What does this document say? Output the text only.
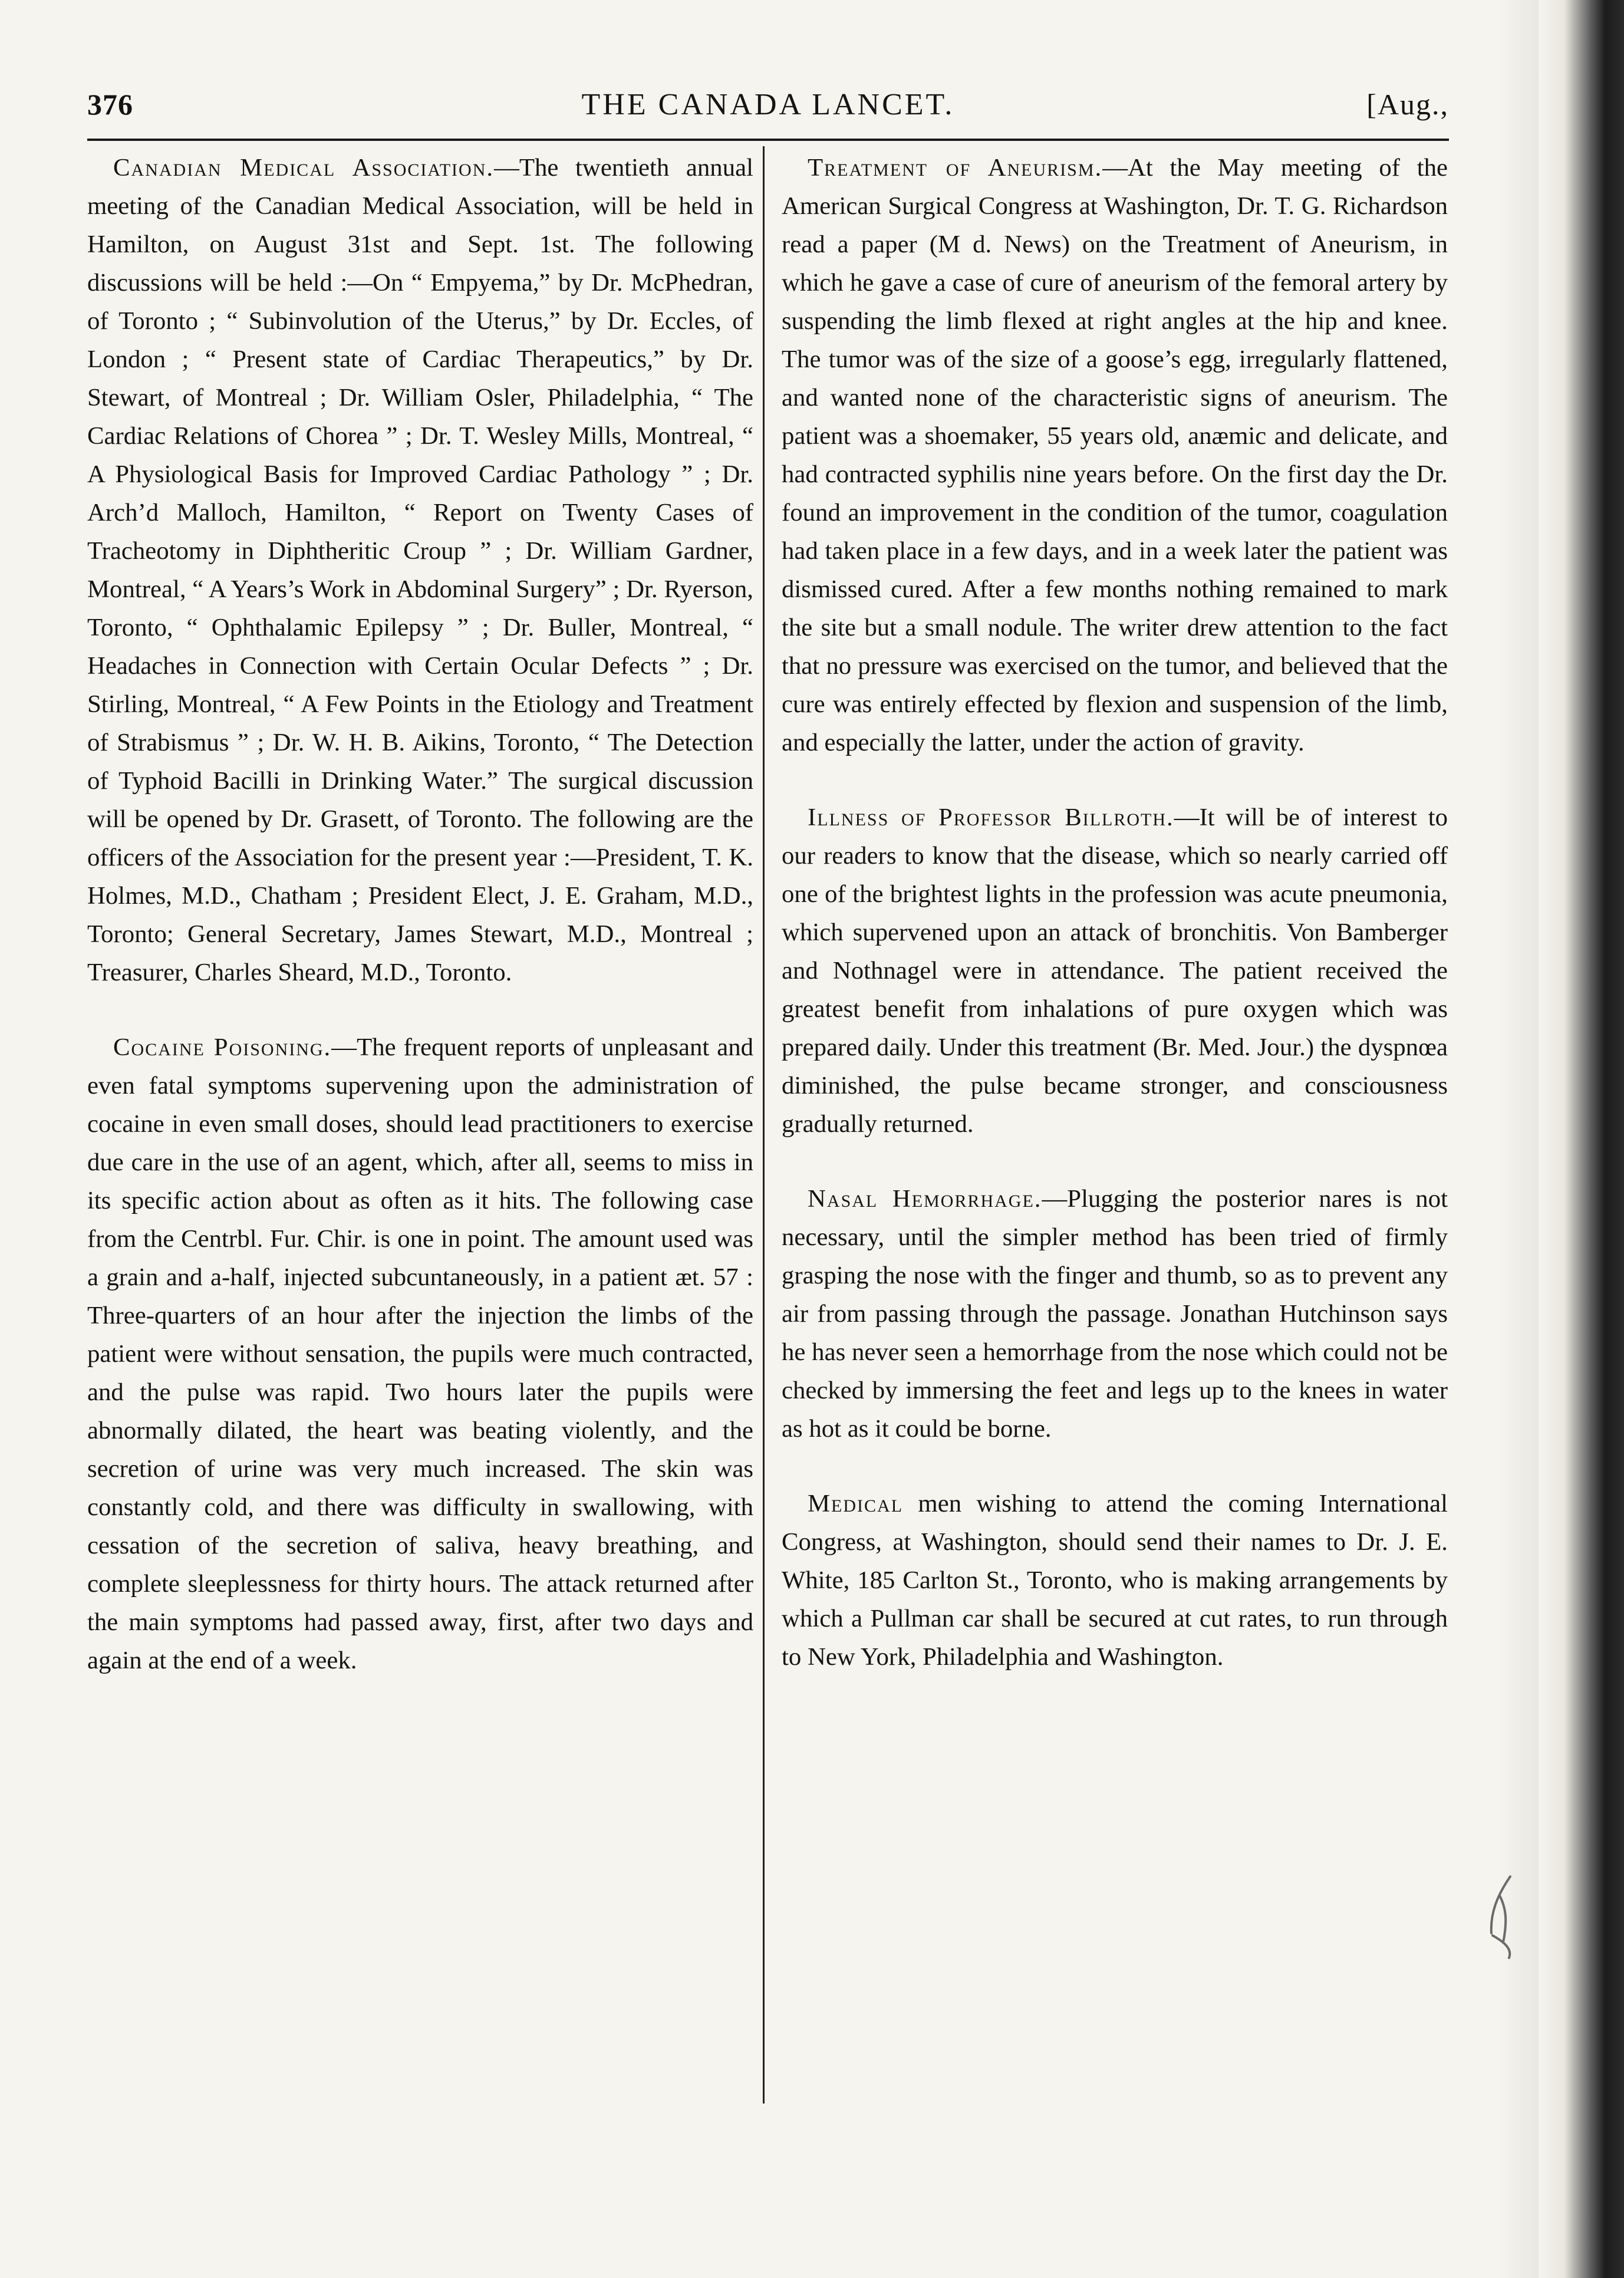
376	THE CANADA LANCET.	[Aug.,

Canadian Medical Association.—The twentieth annual meeting of the Canadian Medical Association, will be held in Hamilton, on August 31st and Sept. 1st. The following discussions will be held :—On “ Empyema,” by Dr. McPhedran, of Toronto ; “ Subinvolution of the Uterus,” by Dr. Eccles, of London ; “ Present state of Cardiac Therapeutics,” by Dr. Stewart, of Montreal ; Dr. William Osler, Philadelphia, “ The Cardiac Relations of Chorea ” ; Dr. T. Wesley Mills, Montreal, “ A Physiological Basis for Improved Cardiac Pathology ” ; Dr. Arch’d Malloch, Hamilton, “ Report on Twenty Cases of Tracheotomy in Diphtheritic Croup ” ; Dr. William Gardner, Montreal, “ A Years’s Work in Abdominal Surgery” ; Dr. Ryerson, Toronto, “ Ophthalamic Epilepsy ” ; Dr. Buller, Montreal, “ Headaches in Connection with Certain Ocular Defects ” ; Dr. Stirling, Montreal, “ A Few Points in the Etiology and Treatment of Strabismus ” ; Dr. W. H. B. Aikins, Toronto, “ The Detection of Typhoid Bacilli in Drinking Water.” The surgical discussion will be opened by Dr. Grasett, of Toronto. The following are the officers of the Association for the present year :—President, T. K. Holmes, M.D., Chatham ; President Elect, J. E. Graham, M.D., Toronto; General Secretary, James Stewart, M.D., Montreal ; Treasurer, Charles Sheard, M.D., Toronto.

Cocaine Poisoning.—The frequent reports of unpleasant and even fatal symptoms supervening upon the administration of cocaine in even small doses, should lead practitioners to exercise due care in the use of an agent, which, after all, seems to miss in its specific action about as often as it hits. The following case from the Centrbl. Fur. Chir. is one in point. The amount used was a grain and a-half, injected subcuntaneously, in a patient æt. 57 : Three-quarters of an hour after the injection the limbs of the patient were without sensation, the pupils were much contracted, and the pulse was rapid. Two hours later the pupils were abnormally dilated, the heart was beating violently, and the secretion of urine was very much increased. The skin was constantly cold, and there was difficulty in swallowing, with cessation of the secretion of saliva, heavy breathing, and complete sleeplessness for thirty hours. The attack returned after the main symptoms had passed away, first, after two days and again at the end of a week.

Treatment of Aneurism.—At the May meeting of the American Surgical Congress at Washington, Dr. T. G. Richardson read a paper (M d. News) on the Treatment of Aneurism, in which he gave a case of cure of aneurism of the femoral artery by suspending the limb flexed at right angles at the hip and knee. The tumor was of the size of a goose’s egg, irregularly flattened, and wanted none of the characteristic signs of aneurism. The patient was a shoemaker, 55 years old, anæmic and delicate, and had contracted syphilis nine years before. On the first day the Dr. found an improvement in the condition of the tumor, coagulation had taken place in a few days, and in a week later the patient was dismissed cured. After a few months nothing remained to mark the site but a small nodule. The writer drew attention to the fact that no pressure was exercised on the tumor, and believed that the cure was entirely effected by flexion and suspension of the limb, and especially the latter, under the action of gravity.

Illness of Professor Billroth.—It will be of interest to our readers to know that the disease, which so nearly carried off one of the brightest lights in the profession was acute pneumonia, which supervened upon an attack of bronchitis. Von Bamberger and Nothnagel were in attendance. The patient received the greatest benefit from inhalations of pure oxygen which was prepared daily. Under this treatment (Br. Med. Jour.) the dyspnœa diminished, the pulse became stronger, and consciousness gradually returned.

Nasal Hemorrhage.—Plugging the posterior nares is not necessary, until the simpler method has been tried of firmly grasping the nose with the finger and thumb, so as to prevent any air from passing through the passage. Jonathan Hutchinson says he has never seen a hemorrhage from the nose which could not be checked by immersing the feet and legs up to the knees in water as hot as it could be borne.

Medical men wishing to attend the coming International Congress, at Washington, should send their names to Dr. J. E. White, 185 Carlton St., Toronto, who is making arrangements by which a Pullman car shall be secured at cut rates, to run through to New York, Philadelphia and Washington.
